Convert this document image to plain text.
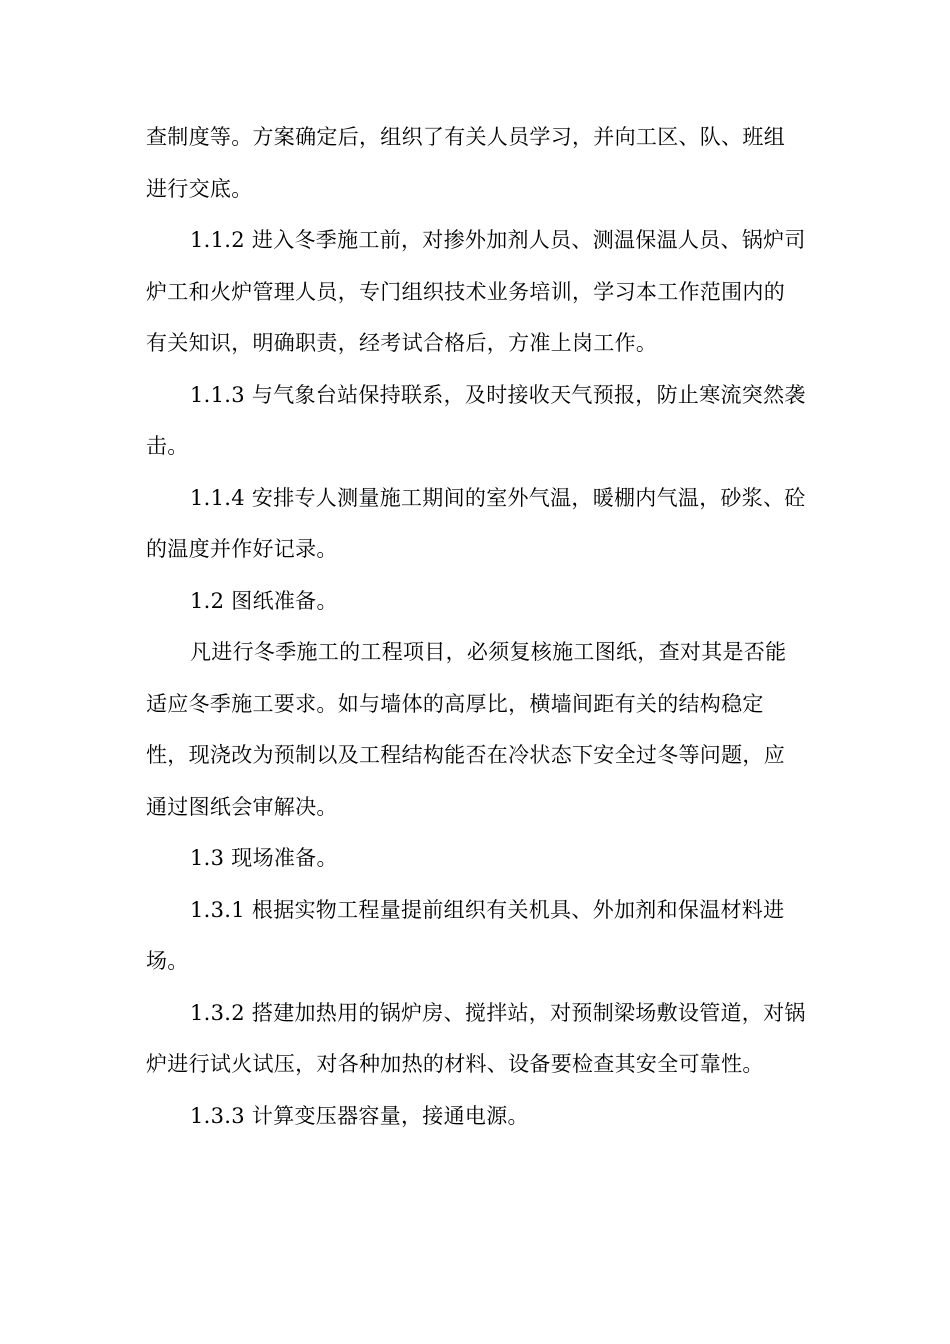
查制度等。方案确定后，组织了有关人员学习，并向工区、队、班组进行交底。

1.1.2 进入冬季施工前，对掺外加剂人员、测温保温人员、锅炉司炉工和火炉管理人员，专门组织技术业务培训，学习本工作范围内的有关知识，明确职责，经考试合格后，方准上岗工作。

1.1.3 与气象台站保持联系，及时接收天气预报，防止寒流突然袭击。

1.1.4 安排专人测量施工期间的室外气温，暖棚内气温，砂浆、砼的温度并作好记录。

1.2 图纸准备。

凡进行冬季施工的工程项目，必须复核施工图纸，查对其是否能适应冬季施工要求。如与墙体的高厚比，横墙间距有关的结构稳定性，现浇改为预制以及工程结构能否在冷状态下安全过冬等问题，应通过图纸会审解决。

1.3 现场准备。

1.3.1 根据实物工程量提前组织有关机具、外加剂和保温材料进场。

1.3.2 搭建加热用的锅炉房、搅拌站，对预制梁场敷设管道，对锅炉进行试火试压，对各种加热的材料、设备要检查其安全可靠性。

1.3.3 计算变压器容量，接通电源。
